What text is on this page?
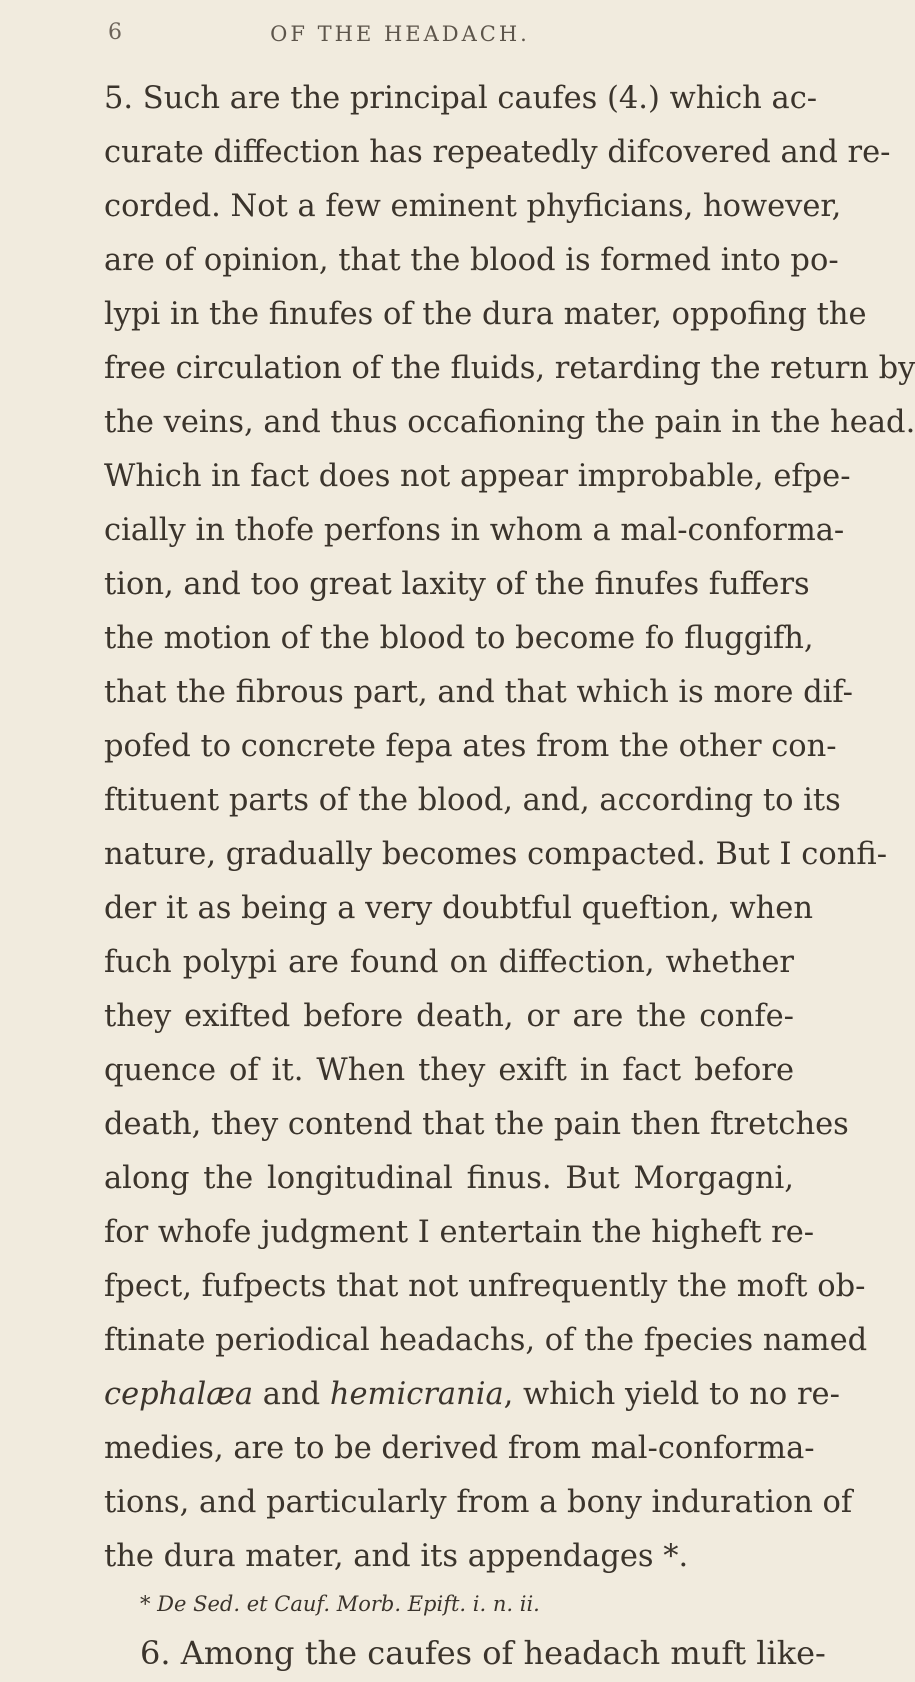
6	OF THE HEADACH.
5. Such are the principal caufes (4.) which ac-
curate diffection has repeatedly difcovered and re-
corded. Not a few eminent phyficians, however,
are of opinion, that the blood is formed into po-
lypi in the finufes of the dura mater, oppofing the
free circulation of the fluids, retarding the return by
the veins, and thus occafioning the pain in the head.
Which in fact does not appear improbable, efpe-
cially in thofe perfons in whom a mal-conforma-
tion, and too great laxity of the finufes fuffers
the motion of the blood to become fo fluggifh,
that the fibrous part, and that which is more dif-
pofed to concrete fepa ates from the other con-
ftituent parts of the blood, and, according to its
nature, gradually becomes compacted. But I confi-
der it as being a very doubtful queftion, when
fuch polypi are found on diffection, whether
they exifted before death, or are the confe-
quence of it. When they exift in fact before
death, they contend that the pain then ftretches
along the longitudinal finus. But Morgagni,
for whofe judgment I entertain the higheft re-
fpect, fufpects that not unfrequently the moft ob-
ftinate periodical headachs, of the fpecies named
cephalæa and hemicrania, which yield to no re-
medies, are to be derived from mal-conforma-
tions, and particularly from a bony induration of
the dura mater, and its appendages *.
* De Sed. et Cauf. Morb. Epift. i. n. ii.
6. Among the caufes of headach muft like-
